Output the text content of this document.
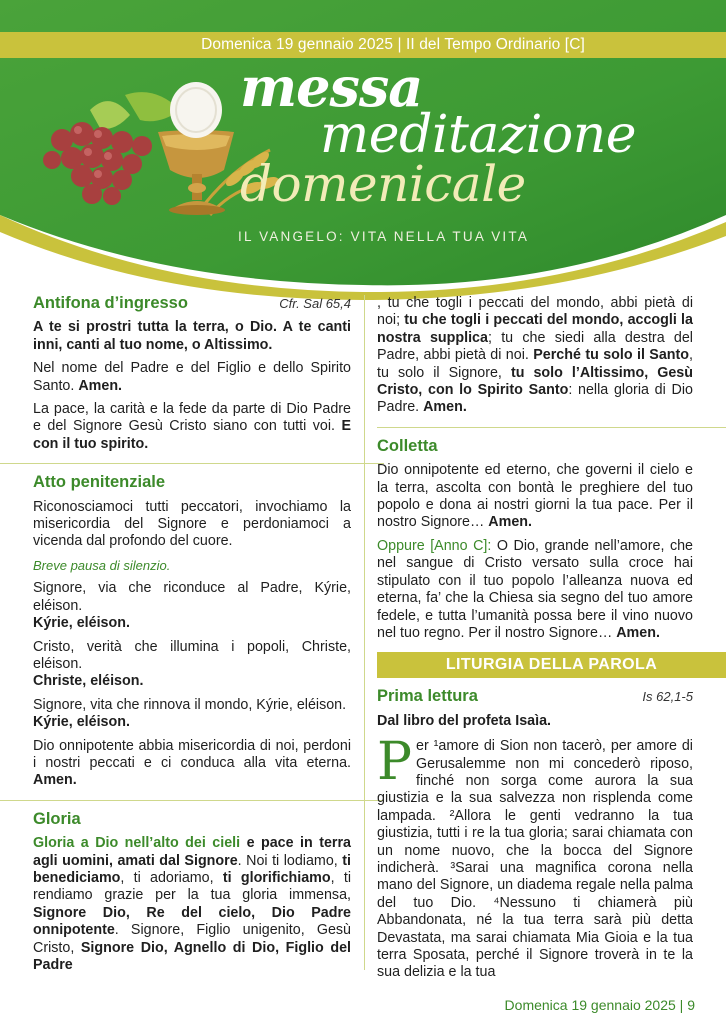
Domenica 19 gennaio 2025 | II del Tempo Ordinario [C]
messa
meditazione
domenicale
IL VANGELO: VITA NELLA TUA VITA
Antifona d’ingresso	Cfr. Sal 65,4
A te si prostri tutta la terra, o Dio. A te canti inni, canti al tuo nome, o Altissimo.
Nel nome del Padre e del Figlio e dello Spirito Santo. Amen.
La pace, la carità e la fede da parte di Dio Padre e del Signore Gesù Cristo siano con tutti voi. E con il tuo spirito.
Atto penitenziale
Riconosciamoci tutti peccatori, invochiamo la misericordia del Signore e perdoniamoci a vicenda dal profondo del cuore.
Breve pausa di silenzio.
Signore, via che riconduce al Padre, Kýrie, eléison.
Kýrie, eléison.
Cristo, verità che illumina i popoli, Christe, eléison.
Christe, eléison.
Signore, vita che rinnova il mondo, Kýrie, eléison.
Kýrie, eléison.
Dio onnipotente abbia misericordia di noi, perdoni i nostri peccati e ci conduca alla vita eterna. Amen.
Gloria
Gloria a Dio nell’alto dei cieli e pace in terra agli uomini, amati dal Signore. Noi ti lodiamo, ti benediciamo, ti adoriamo, ti glorifichiamo, ti rendiamo grazie per la tua gloria immensa, Signore Dio, Re del cielo, Dio Padre onnipotente. Signore, Figlio unigenito, Gesù Cristo, Signore Dio, Agnello di Dio, Figlio del Padre
, tu che togli i peccati del mondo, abbi pietà di noi; tu che togli i peccati del mondo, accogli la nostra supplica; tu che siedi alla destra del Padre, abbi pietà di noi. Perché tu solo il Santo, tu solo il Signore, tu solo l’Altissimo, Gesù Cristo, con lo Spirito Santo: nella gloria di Dio Padre. Amen.
Colletta
Dio onnipotente ed eterno, che governi il cielo e la terra, ascolta con bontà le preghiere del tuo popolo e dona ai nostri giorni la tua pace. Per il nostro Signore… Amen.
Oppure [Anno C]: O Dio, grande nell’amore, che nel sangue di Cristo versato sulla croce hai stipulato con il tuo popolo l’alleanza nuova ed eterna, fa’ che la Chiesa sia segno del tuo amore fedele, e tutta l’umanità possa bere il vino nuovo nel tuo regno. Per il nostro Signore… Amen.
LITURGIA DELLA PAROLA
Prima lettura	Is 62,1-5
Dal libro del profeta Isaìa.
Per ¹amore di Sion non tacerò, per amore di Gerusalemme non mi concederò riposo, finché non sorga come aurora la sua giustizia e la sua salvezza non risplenda come lampada. ²Allora le genti vedranno la tua giustizia, tutti i re la tua gloria; sarai chiamata con un nome nuovo, che la bocca del Signore indicherà. ³Sarai una magnifica corona nella mano del Signore, un diadema regale nella palma del tuo Dio. ⁴Nessuno ti chiamerà più Abbandonata, né la tua terra sarà più detta Devastata, ma sarai chiamata Mia Gioia e la tua terra Sposata, perché il Signore troverà in te la sua delizia e la tua
Domenica 19 gennaio 2025 | 9
